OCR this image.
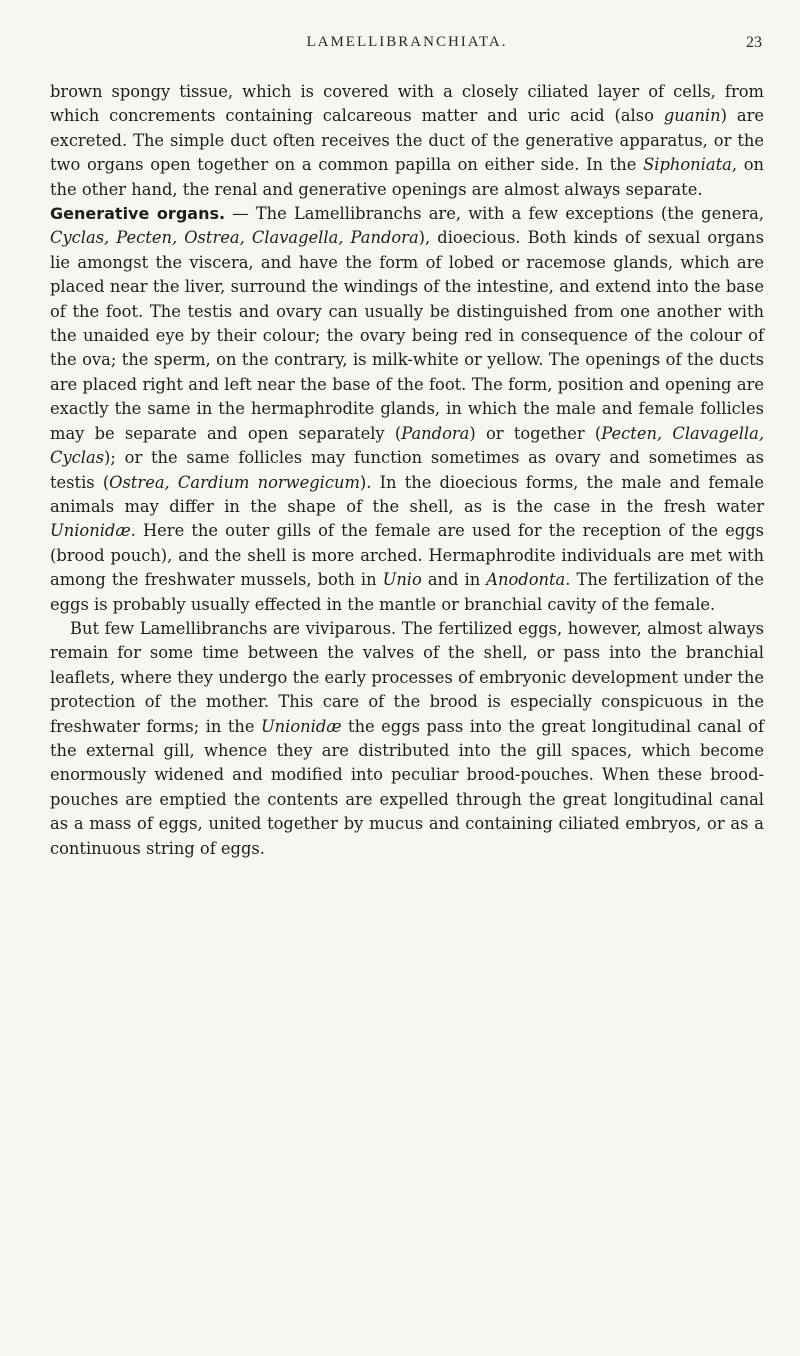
LAMELLIBRANCHIATA.	23

brown spongy tissue, which is covered with a closely ciliated layer of cells, from which concrements containing calcareous matter and uric acid (also guanin) are excreted. The simple duct often receives the duct of the generative apparatus, or the two organs open together on a common papilla on either side. In the Siphoniata, on the other hand, the renal and generative openings are almost always separate.

Generative organs. — The Lamellibranchs are, with a few exceptions (the genera, Cyclas, Pecten, Ostrea, Clavagella, Pandora), dioecious. Both kinds of sexual organs lie amongst the viscera, and have the form of lobed or racemose glands, which are placed near the liver, surround the windings of the intestine, and extend into the base of the foot. The testis and ovary can usually be distinguished from one another with the unaided eye by their colour; the ovary being red in consequence of the colour of the ova; the sperm, on the contrary, is milk-white or yellow. The openings of the ducts are placed right and left near the base of the foot. The form, position and opening are exactly the same in the hermaphrodite glands, in which the male and female follicles may be separate and open separately (Pandora) or together (Pecten, Clavagella, Cyclas); or the same follicles may function sometimes as ovary and sometimes as testis (Ostrea, Cardium norwegicum). In the dioecious forms, the male and female animals may differ in the shape of the shell, as is the case in the fresh water Unionidæ. Here the outer gills of the female are used for the reception of the eggs (brood pouch), and the shell is more arched. Hermaphrodite individuals are met with among the freshwater mussels, both in Unio and in Anodonta. The fertilization of the eggs is probably usually effected in the mantle or branchial cavity of the female.

But few Lamellibranchs are viviparous. The fertilized eggs, however, almost always remain for some time between the valves of the shell, or pass into the branchial leaflets, where they undergo the early processes of embryonic development under the protection of the mother. This care of the brood is especially conspicuous in the freshwater forms; in the Unionidæ the eggs pass into the great longitudinal canal of the external gill, whence they are distributed into the gill spaces, which become enormously widened and modified into peculiar brood-pouches. When these brood-pouches are emptied the contents are expelled through the great longitudinal canal as a mass of eggs, united together by mucus and containing ciliated embryos, or as a continuous string of eggs.
